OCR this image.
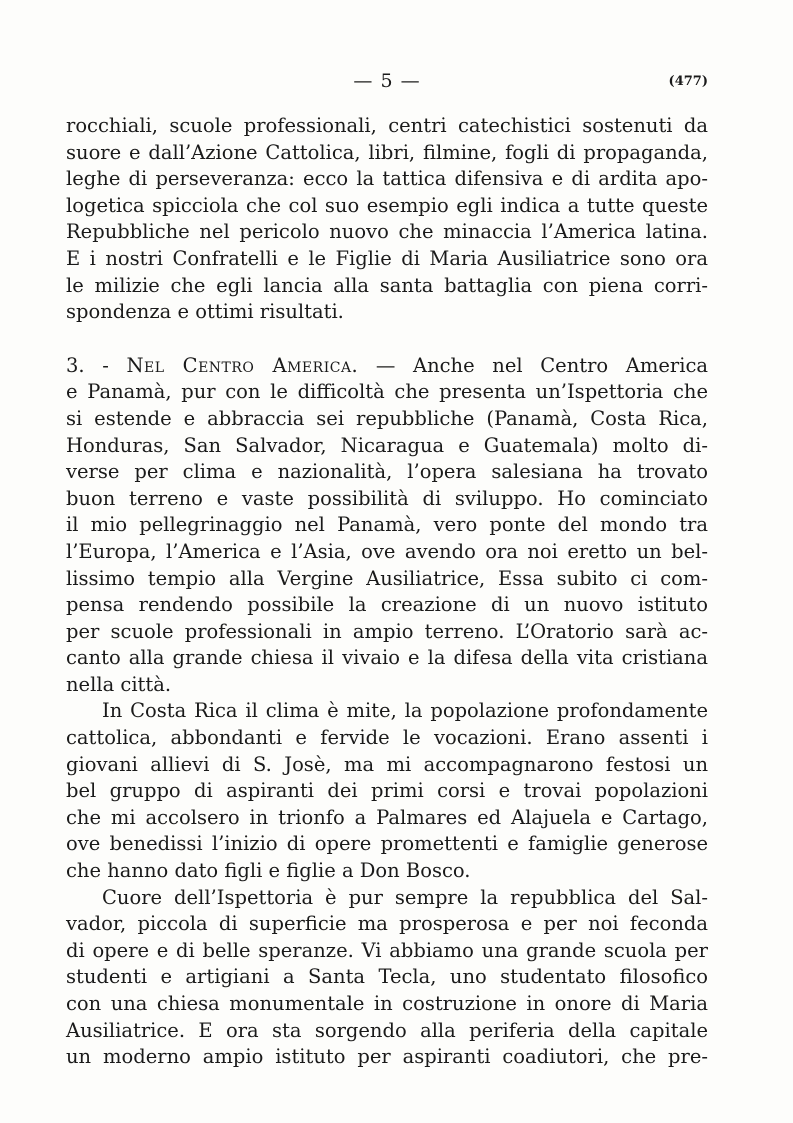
— 5 —	(477)
rocchiali, scuole professionali, centri catechistici sostenuti da
suore e dall’Azione Cattolica, libri, filmine, fogli di propaganda,
leghe di perseveranza: ecco la tattica difensiva e di ardita apo-
logetica spicciola che col suo esempio egli indica a tutte queste
Repubbliche nel pericolo nuovo che minaccia l’America latina.
E i nostri Confratelli e le Figlie di Maria Ausiliatrice sono ora
le milizie che egli lancia alla santa battaglia con piena corri-
spondenza e ottimi risultati.
3. - Nel Centro America. — Anche nel Centro America
e Panamà, pur con le difficoltà che presenta un’Ispettoria che
si estende e abbraccia sei repubbliche (Panamà, Costa Rica,
Honduras, San Salvador, Nicaragua e Guatemala) molto di-
verse per clima e nazionalità, l’opera salesiana ha trovato
buon terreno e vaste possibilità di sviluppo. Ho cominciato
il mio pellegrinaggio nel Panamà, vero ponte del mondo tra
l’Europa, l’America e l’Asia, ove avendo ora noi eretto un bel-
lissimo tempio alla Vergine Ausiliatrice, Essa subito ci com-
pensa rendendo possibile la creazione di un nuovo istituto
per scuole professionali in ampio terreno. L’Oratorio sarà ac-
canto alla grande chiesa il vivaio e la difesa della vita cristiana
nella città.
In Costa Rica il clima è mite, la popolazione profondamente
cattolica, abbondanti e fervide le vocazioni. Erano assenti i
giovani allievi di S. Josè, ma mi accompagnarono festosi un
bel gruppo di aspiranti dei primi corsi e trovai popolazioni
che mi accolsero in trionfo a Palmares ed Alajuela e Cartago,
ove benedissi l’inizio di opere promettenti e famiglie generose
che hanno dato figli e figlie a Don Bosco.
Cuore dell’Ispettoria è pur sempre la repubblica del Sal-
vador, piccola di superficie ma prosperosa e per noi feconda
di opere e di belle speranze. Vi abbiamo una grande scuola per
studenti e artigiani a Santa Tecla, uno studentato filosofico
con una chiesa monumentale in costruzione in onore di Maria
Ausiliatrice. E ora sta sorgendo alla periferia della capitale
un moderno ampio istituto per aspiranti coadiutori, che pre-
